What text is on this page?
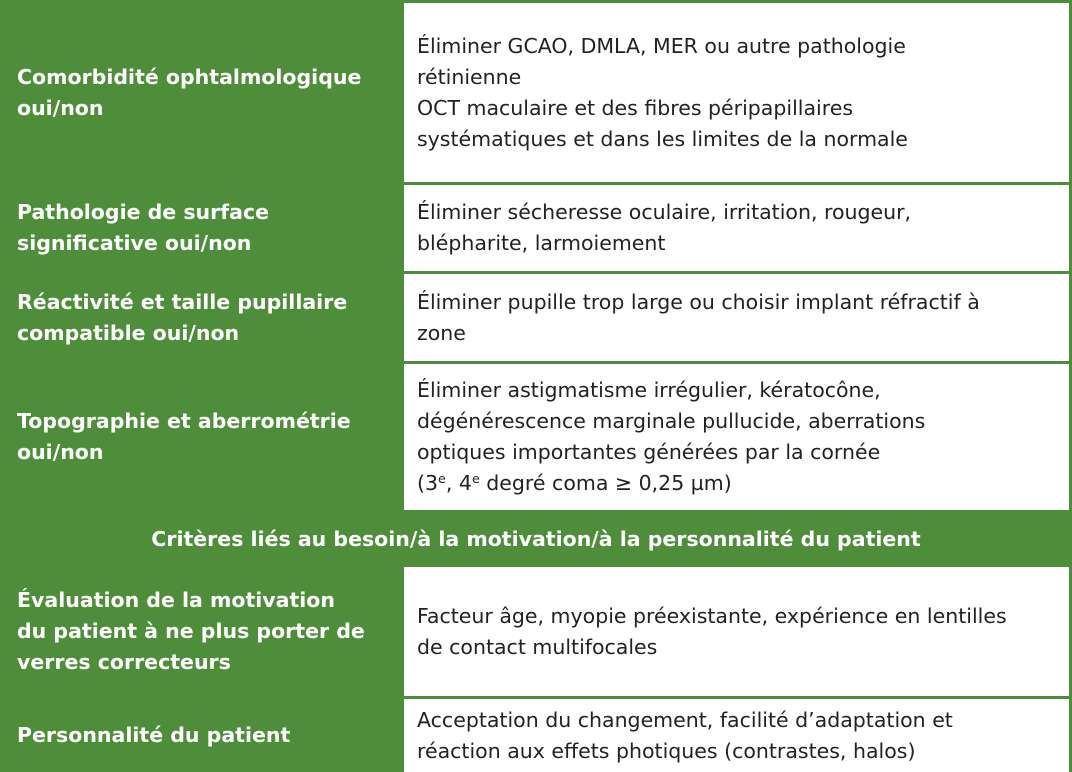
Comorbidité ophtalmologique oui/non
Éliminer GCAO, DMLA, MER ou autre pathologie
rétinienne
OCT maculaire et des fibres péripapillaires
systématiques et dans les limites de la normale
Pathologie de surface significative oui/non
Éliminer sécheresse oculaire, irritation, rougeur,
blépharite, larmoiement
Réactivité et taille pupillaire compatible oui/non
Éliminer pupille trop large ou choisir implant réfractif à
zone
Topographie et aberrométrie oui/non
Éliminer astigmatisme irrégulier, kératocône,
dégénérescence marginale pullucide, aberrations
optiques importantes générées par la cornée
(3e, 4e degré coma ≥ 0,25 µm)
Critères liés au besoin/à la motivation/à la personnalité du patient
Évaluation de la motivation du patient à ne plus porter de verres correcteurs
Facteur âge, myopie préexistante, expérience en lentilles
de contact multifocales
Personnalité du patient
Acceptation du changement, facilité d’adaptation et
réaction aux effets photiques (contrastes, halos)
